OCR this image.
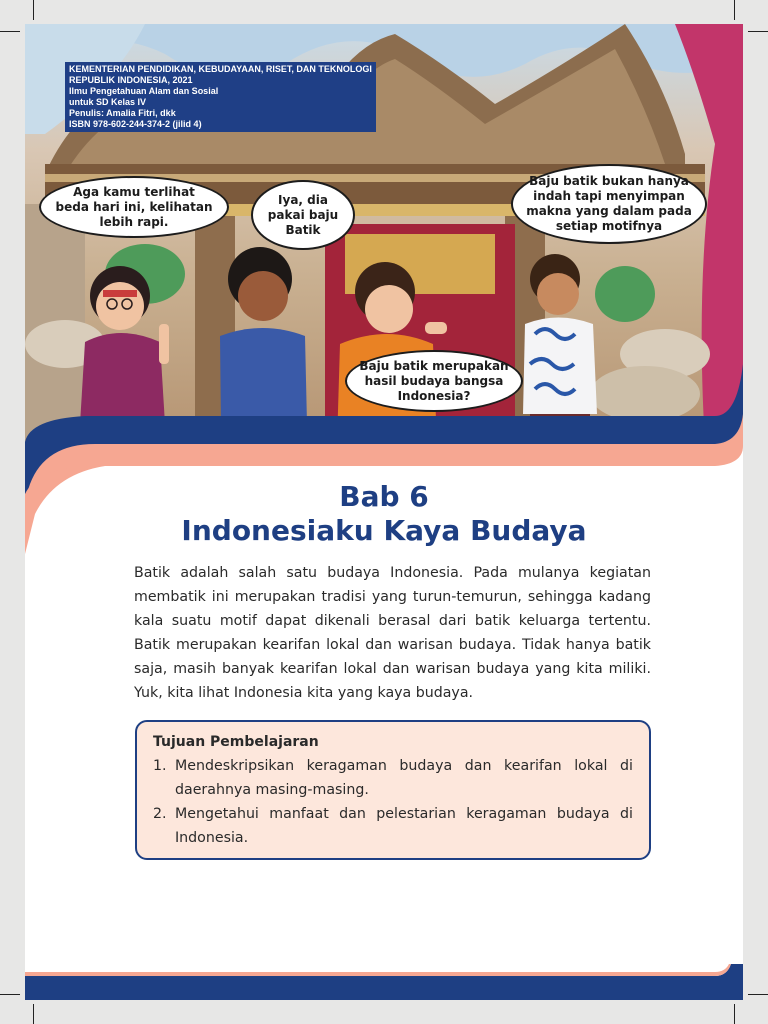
KEMENTERIAN PENDIDIKAN, KEBUDAYAAN, RISET, DAN TEKNOLOGI
REPUBLIK INDONESIA, 2021
Ilmu Pengetahuan Alam dan Sosial
untuk SD Kelas IV
Penulis: Amalia Fitri, dkk
ISBN 978-602-244-374-2 (jilid 4)
Aga kamu terlihat
beda hari ini, kelihatan
lebih rapi.
Iya, dia
pakai baju
Batik
Baju batik bukan hanya
indah tapi menyimpan
makna yang dalam pada
setiap motifnya
Baju batik merupakan
hasil budaya bangsa
Indonesia?
Bab 6
Indonesiaku Kaya Budaya

Batik adalah salah satu budaya Indonesia. Pada mulanya kegiatan membatik ini merupakan tradisi yang turun-temurun, sehingga kadang kala suatu motif dapat dikenali berasal dari batik keluarga tertentu. Batik merupakan kearifan lokal dan warisan budaya. Tidak hanya batik saja, masih banyak kearifan lokal dan warisan budaya yang kita miliki. Yuk, kita lihat Indonesia kita yang kaya budaya.

Tujuan Pembelajaran
1. Mendeskripsikan keragaman budaya dan kearifan lokal di daerahnya masing-masing.
2. Mengetahui manfaat dan pelestarian keragaman budaya di Indonesia.
